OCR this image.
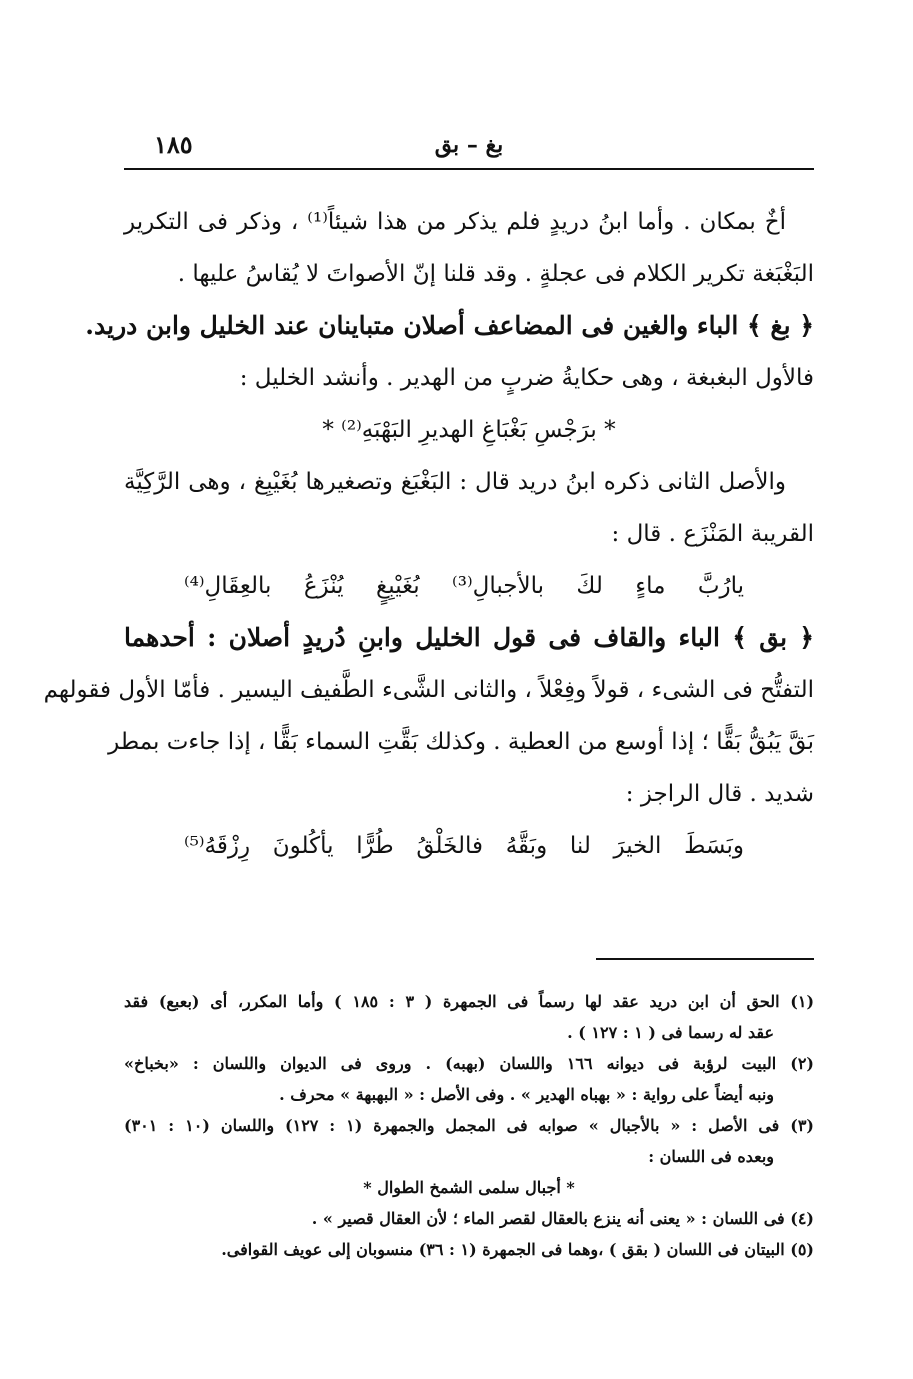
بغ – بق
١٨٥
أخٌ بمكان . وأما ابنُ دريدٍ فلم يذكر من هذا شيئاً⁽¹⁾ ، وذكر فى التكرير
البَغْبَغة تكرير الكلام فى عجلةٍ . وقد قلنا إنّ الأصواتَ لا يُقاسُ عليها .
﴿ بغ ﴾ الباء والغين فى المضاعف أصلان متباينان عند الخليل وابن دريد.
فالأول البغبغة ، وهى حكايةُ ضربٍ من الهدير . وأنشد الخليل :
* برَجْسِ بَغْبَاغِ الهديرِ البَهْبَهِ⁽²⁾ *
والأصل الثانى ذكره ابنُ دريد قال : البَغْبَغ وتصغيرها بُغَيْبِغ ، وهى الرَّكِيَّة
القريبة المَنْزَع . قال :
يارُبَّ ماءٍ لكَ بالأجبالِ⁽³⁾ بُغَيْبِغٍ يُنْزَعُ بالعِقَالِ⁽⁴⁾
﴿ بق ﴾ الباء والقاف فى قول الخليل وابنِ دُريدٍ أصلان : أحدهما
التفتُّح فى الشىء ، قولاً وفِعْلاً ، والثانى الشَّىء الطَّفيف اليسير . فأمّا الأول فقولهم
بَقَّ يَبُقُّ بَقًّا ؛ إذا أوسع من العطية . وكذلك بَقَّتِ السماء بَقًّا ، إذا جاءت بمطر
شديد . قال الراجز :
وبَسَطَ الخيرَ لنا وبَقَّهُ فالخَلْقُ طُرًّا يأكُلونَ رِزْقَهُ⁽⁵⁾
(١) الحق أن ابن دريد عقد لها رسماً فى الجمهرة ( ٣ : ١٨٥ ) وأما المكرر، أى (بعبع) فقد
عقد له رسما فى ( ١ : ١٢٧ ) .
(٢) البيت لرؤبة فى ديوانه ١٦٦ واللسان (بهبه) . وروى فى الديوان واللسان : «بخباخ»
ونبه أيضاً على رواية : « بهباه الهدير » . وفى الأصل : « البهبهة » محرف .
(٣) فى الأصل : « بالأجبال » صوابه فى المجمل والجمهرة (١ : ١٢٧) واللسان (١٠ : ٣٠١)
وبعده فى اللسان :
* أجبال سلمى الشمخ الطوال *
(٤) فى اللسان : « يعنى أنه ينزع بالعقال لقصر الماء ؛ لأن العقال قصير » .
(٥) البيتان فى اللسان ( بقق ) ،وهما فى الجمهرة (١ : ٣٦) منسوبان إلى عويف القوافى.
